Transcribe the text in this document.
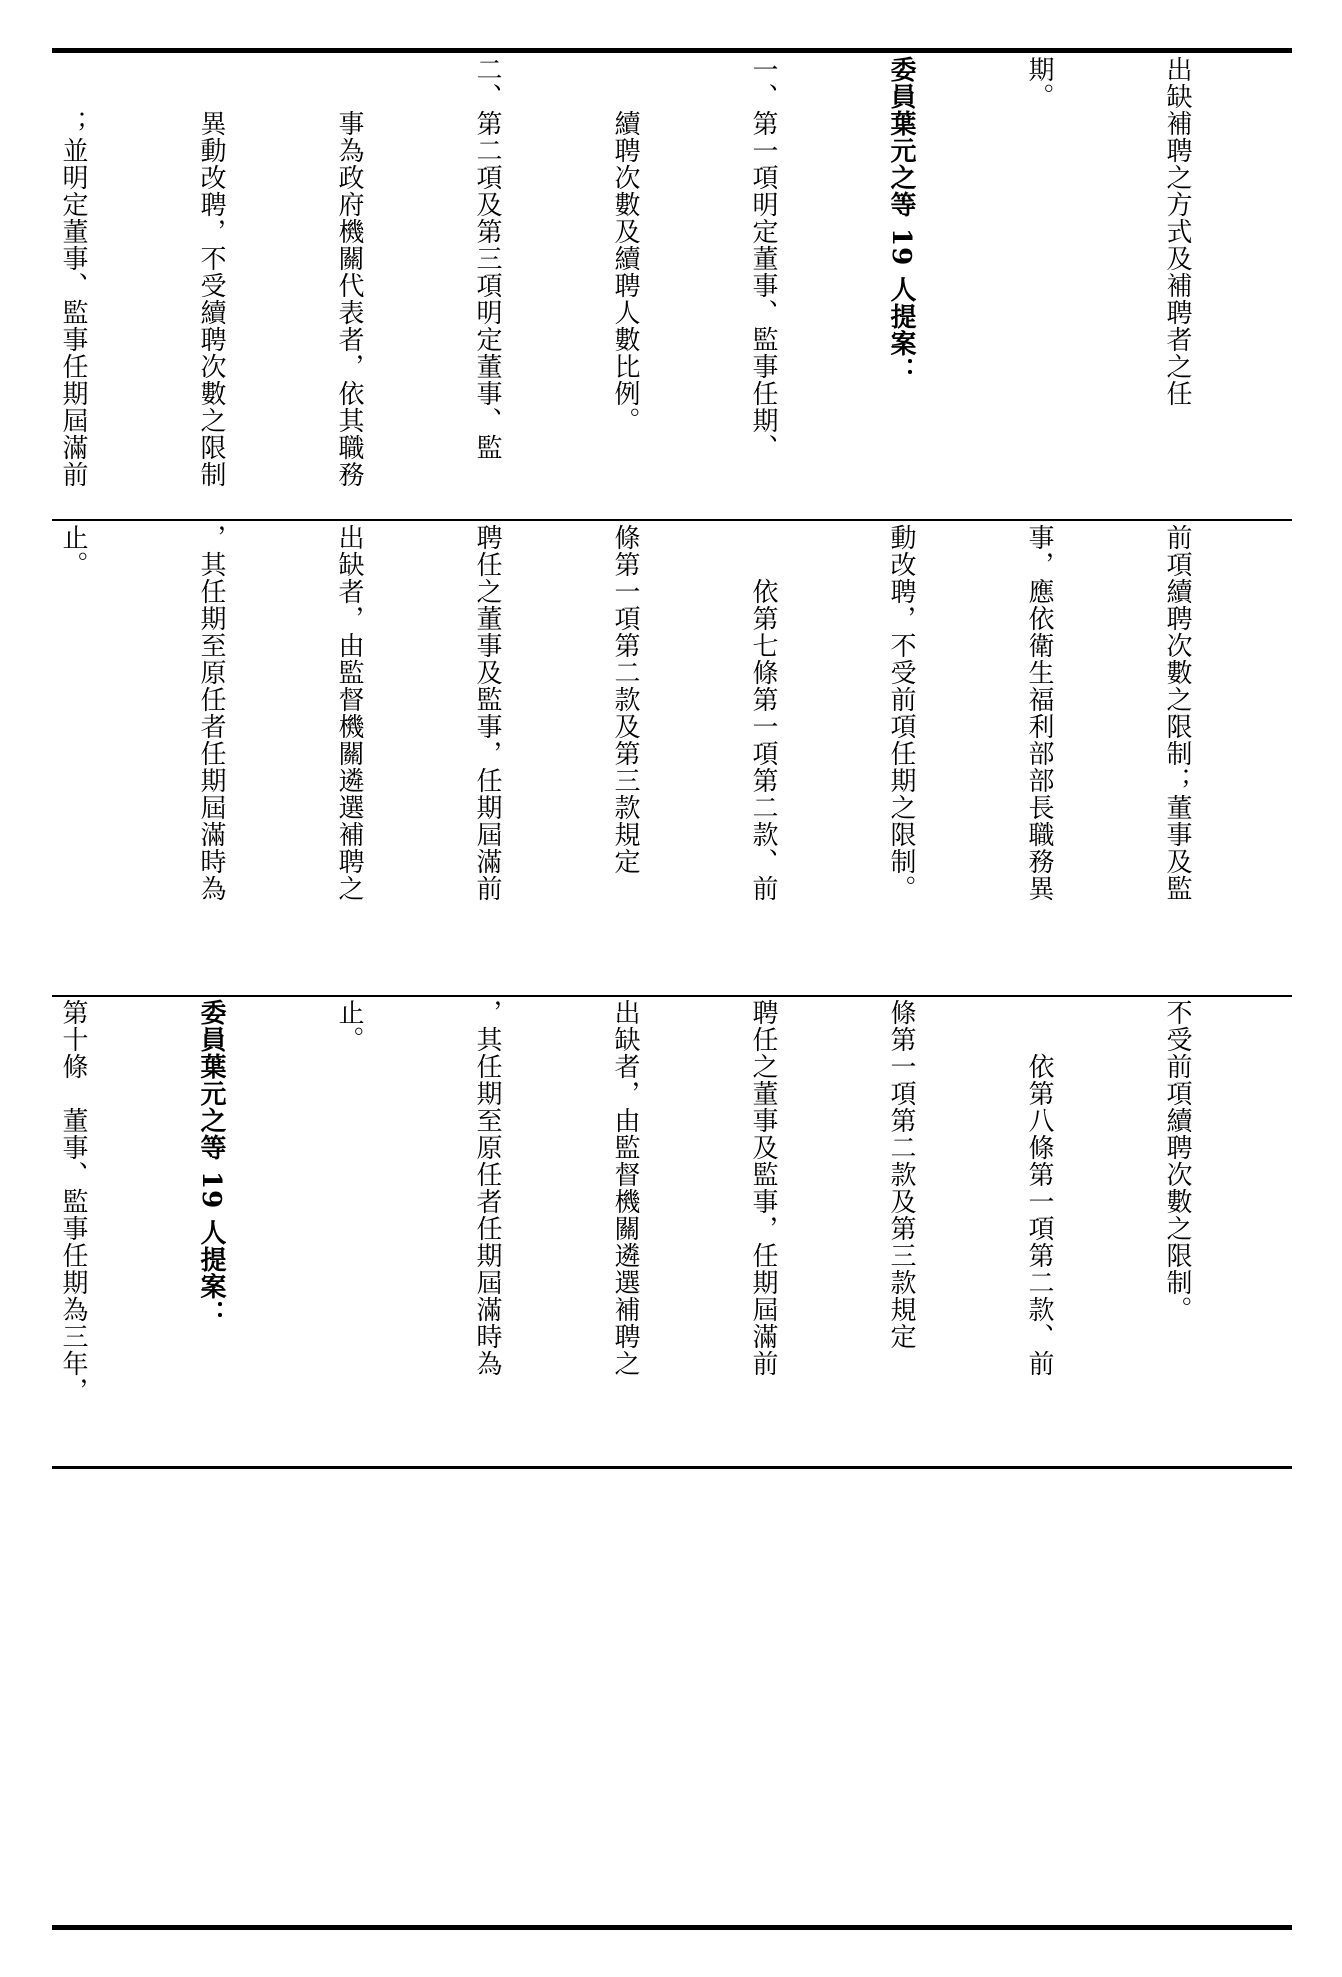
出缺補聘之方式及補聘者之任

期。

委員葉元之等 19 人提案：

一、第一項明定董事、監事任期、

　　續聘次數及續聘人數比例。

二、第二項及第三項明定董事、監

　　事為政府機關代表者，依其職務

　　異動改聘，不受續聘次數之限制

　　；並明定董事、監事任期屆滿前

前項續聘次數之限制；董事及監

事，應依衛生福利部部長職務異

動改聘，不受前項任期之限制。

　　依第七條第一項第二款、前

條第一項第二款及第三款規定

聘任之董事及監事，任期屆滿前

出缺者，由監督機關遴選補聘之

，其任期至原任者任期屆滿時為

止。

不受前項續聘次數之限制。

　　依第八條第一項第二款、前

條第一項第二款及第三款規定

聘任之董事及監事，任期屆滿前

出缺者，由監督機關遴選補聘之

，其任期至原任者任期屆滿時為

止。

委員葉元之等 19 人提案：

第十條　董事、監事任期為三年，
